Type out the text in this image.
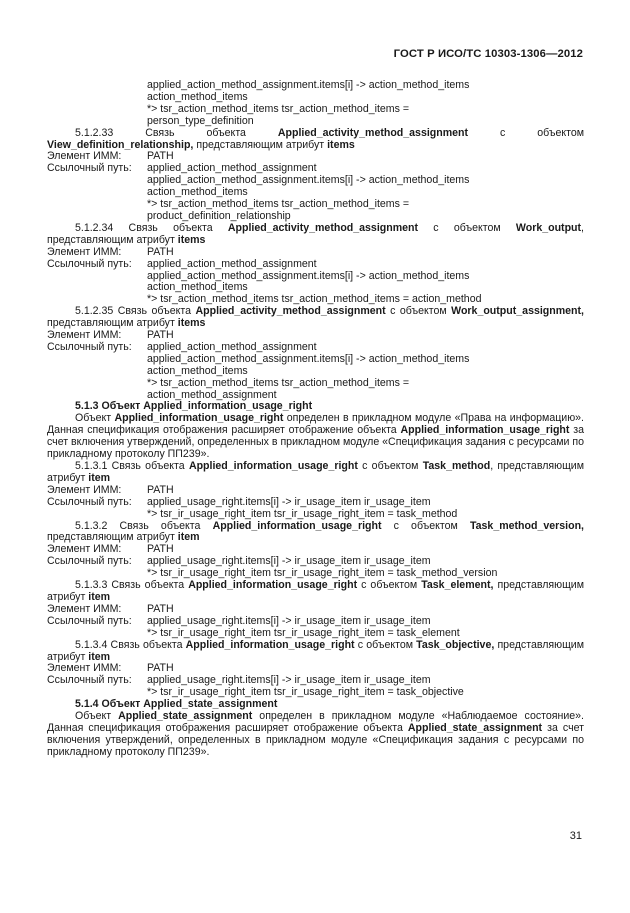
ГОСТ Р ИСО/ТС 10303-1306—2012
applied_action_method_assignment.items[i] -> action_method_items
action_method_items
*> tsr_action_method_items tsr_action_method_items =
person_type_definition
5.1.2.33 Связь объекта Applied_activity_method_assignment с объектом View_definition_relationship, представляющим атрибут items
Элемент ИММ:	PATH
Ссылочный путь:	applied_action_method_assignment
applied_action_method_assignment.items[i] -> action_method_items
action_method_items
*> tsr_action_method_items tsr_action_method_items =
product_definition_relationship
5.1.2.34 Связь объекта Applied_activity_method_assignment с объектом Work_output, представляющим атрибут items
Элемент ИММ:	PATH
Ссылочный путь:	applied_action_method_assignment
applied_action_method_assignment.items[i] -> action_method_items
action_method_items
*> tsr_action_method_items tsr_action_method_items = action_method
5.1.2.35 Связь объекта Applied_activity_method_assignment с объектом Work_output_assignment, представляющим атрибут items
Элемент ИММ:	PATH
Ссылочный путь:	applied_action_method_assignment
applied_action_method_assignment.items[i] -> action_method_items
action_method_items
*> tsr_action_method_items tsr_action_method_items =
action_method_assignment
5.1.3 Объект Applied_information_usage_right
Объект Applied_information_usage_right определен в прикладном модуле «Права на информацию». Данная спецификация отображения расширяет отображение объекта Applied_information_usage_right за счет включения утверждений, определенных в прикладном модуле «Спецификация задания с ресурсами по прикладному протоколу ПП239».
5.1.3.1 Связь объекта Applied_information_usage_right с объектом Task_method, представляющим атрибут item
Элемент ИММ:	PATH
Ссылочный путь:	applied_usage_right.items[i] -> ir_usage_item ir_usage_item
*> tsr_ir_usage_right_item tsr_ir_usage_right_item = task_method
5.1.3.2 Связь объекта Applied_information_usage_right с объектом Task_method_version, представляющим атрибут item
Элемент ИММ:	PATH
Ссылочный путь:	applied_usage_right.items[i] -> ir_usage_item ir_usage_item
*> tsr_ir_usage_right_item tsr_ir_usage_right_item = task_method_version
5.1.3.3 Связь объекта Applied_information_usage_right с объектом Task_element, представляющим атрибут item
Элемент ИММ:	PATH
Ссылочный путь:	applied_usage_right.items[i] -> ir_usage_item ir_usage_item
*> tsr_ir_usage_right_item tsr_ir_usage_right_item = task_element
5.1.3.4 Связь объекта Applied_information_usage_right с объектом Task_objective, представляющим атрибут item
Элемент ИММ:	PATH
Ссылочный путь:	applied_usage_right.items[i] -> ir_usage_item ir_usage_item
*> tsr_ir_usage_right_item tsr_ir_usage_right_item = task_objective
5.1.4 Объект Applied_state_assignment
Объект Applied_state_assignment определен в прикладном модуле «Наблюдаемое состояние». Данная спецификация отображения расширяет отображение объекта Applied_state_assignment за счет включения утверждений, определенных в прикладном модуле «Спецификация задания с ресурсами по прикладному протоколу ПП239».
31
